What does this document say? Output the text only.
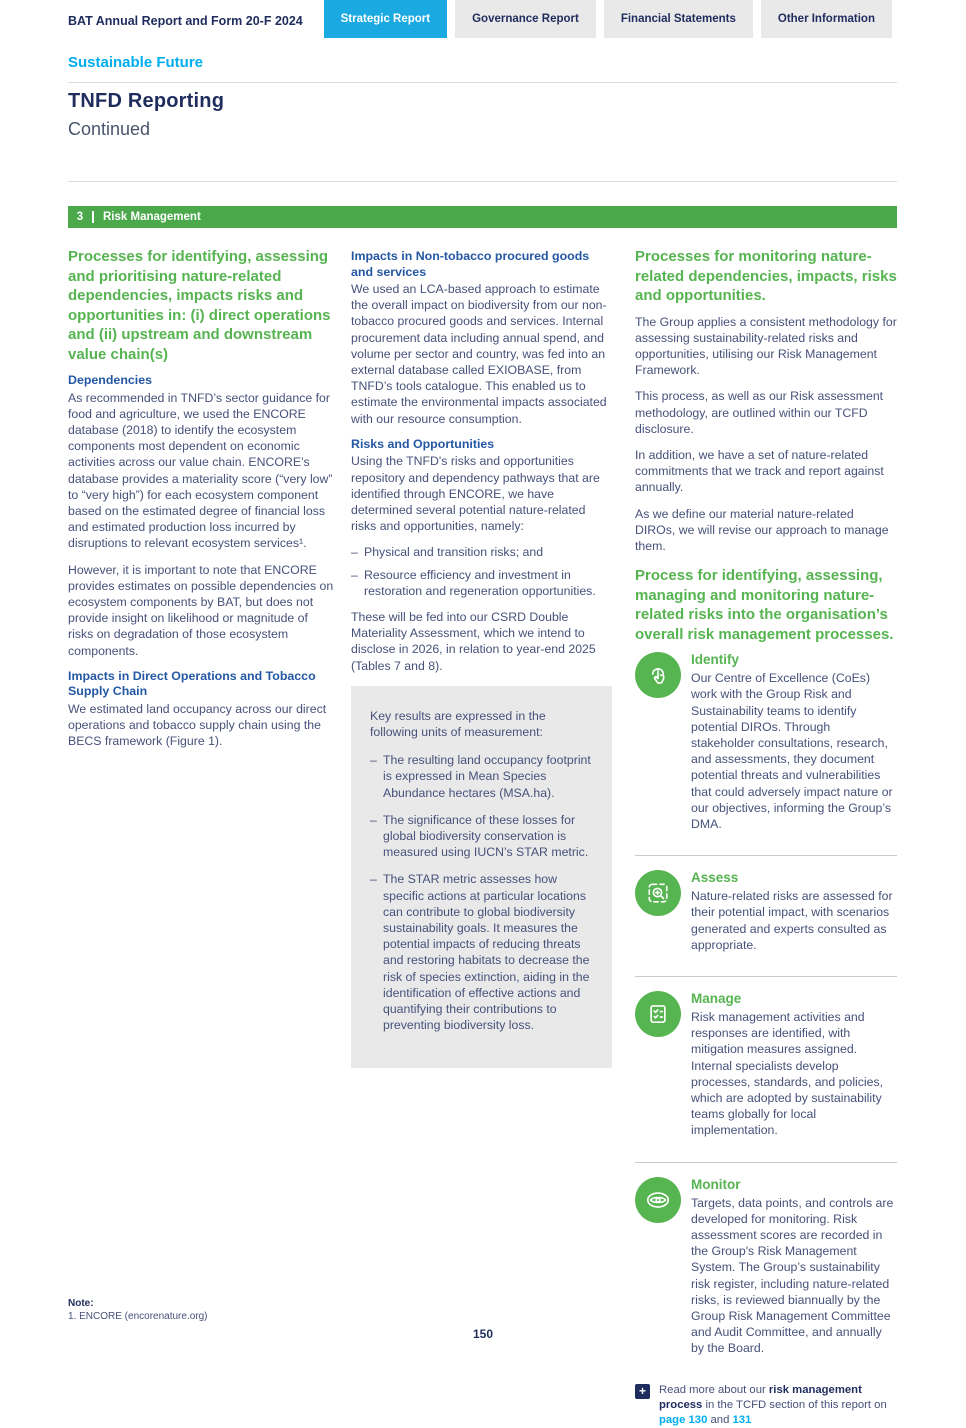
BAT Annual Report and Form 20-F 2024	Strategic Report	Governance Report	Financial Statements	Other Information
Sustainable Future
TNFD Reporting
Continued
3	Risk Management
Processes for identifying, assessing and prioritising nature-related dependencies, impacts risks and opportunities in: (i) direct operations and (ii) upstream and downstream value chain(s)
Dependencies

As recommended in TNFD’s sector guidance for food and agriculture, we used the ENCORE database (2018) to identify the ecosystem components most dependent on economic activities across our value chain. ENCORE’s database provides a materiality score (“very low” to “very high”) for each ecosystem component based on the estimated degree of financial loss and estimated production loss incurred by disruptions to relevant ecosystem services¹.

However, it is important to note that ENCORE provides estimates on possible dependencies on ecosystem components by BAT, but does not provide insight on likelihood or magnitude of risks on degradation of those ecosystem components.

Impacts in Direct Operations and Tobacco Supply Chain

We estimated land occupancy across our direct operations and tobacco supply chain using the BECS framework (Figure 1).

Impacts in Non-tobacco procured goods and services

We used an LCA-based approach to estimate the overall impact on biodiversity from our non-tobacco procured goods and services. Internal procurement data including annual spend, and volume per sector and country, was fed into an external database called EXIOBASE, from TNFD’s tools catalogue. This enabled us to estimate the environmental impacts associated with our resource consumption.

Risks and Opportunities

Using the TNFD's risks and opportunities repository and dependency pathways that are identified through ENCORE, we have determined several potential nature-related risks and opportunities, namely:

– Physical and transition risks; and
– Resource efficiency and investment in restoration and regeneration opportunities.

These will be fed into our CSRD Double Materiality Assessment, which we intend to disclose in 2026, in relation to year-end 2025 (Tables 7 and 8).

Key results are expressed in the following units of measurement:

– The resulting land occupancy footprint is expressed in Mean Species Abundance hectares (MSA.ha).
– The significance of these losses for global biodiversity conservation is measured using IUCN’s STAR metric.
– The STAR metric assesses how specific actions at particular locations can contribute to global biodiversity sustainability goals. It measures the potential impacts of reducing threats and restoring habitats to decrease the risk of species extinction, aiding in the identification of effective actions and quantifying their contributions to preventing biodiversity loss.
Processes for monitoring nature-related dependencies, impacts, risks and opportunities.

The Group applies a consistent methodology for assessing sustainability-related risks and opportunities, utilising our Risk Management Framework.

This process, as well as our Risk assessment methodology, are outlined within our TCFD disclosure.

In addition, we have a set of nature-related commitments that we track and report against annually.

As we define our material nature-related DIROs, we will revise our approach to manage them.

Process for identifying, assessing, managing and monitoring nature-related risks into the organisation’s overall risk management processes.
Identify

Our Centre of Excellence (CoEs) work with the Group Risk and Sustainability teams to identify potential DIROs. Through stakeholder consultations, research, and assessments, they document potential threats and vulnerabilities that could adversely impact nature or our objectives, informing the Group’s DMA.

Assess

Nature-related risks are assessed for their potential impact, with scenarios generated and experts consulted as appropriate.

Manage

Risk management activities and responses are identified, with mitigation measures assigned. Internal specialists develop processes, standards, and policies, which are adopted by sustainability teams globally for local implementation.

Monitor

Targets, data points, and controls are developed for monitoring. Risk assessment scores are recorded in the Group's Risk Management System. The Group’s sustainability risk register, including nature-related risks, is reviewed biannually by the Group Risk Management Committee and Audit Committee, and annually by the Board.

+	Read more about our risk management process in the TCFD section of this report on page 130 and 131
Note:
1. ENCORE (encorenature.org)
150
